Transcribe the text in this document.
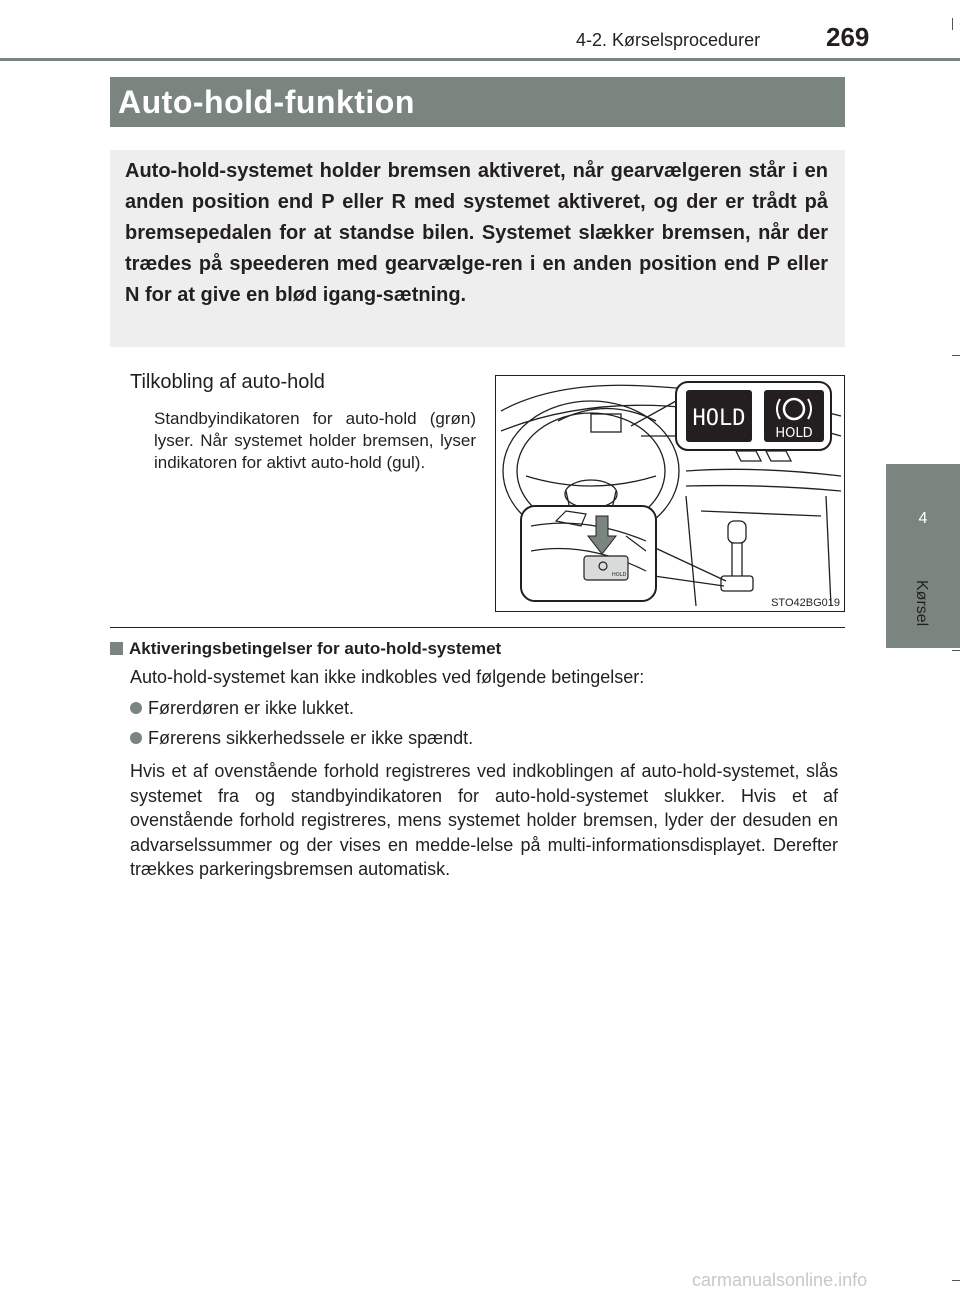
4-2. Kørselsprocedurer	269
4
Kørsel
Auto-hold-funktion

Auto-hold-systemet holder bremsen aktiveret, når gearvælgeren står i en anden position end P eller R med systemet aktiveret, og der er trådt på bremsepedalen for at standse bilen. Systemet slækker bremsen, når der trædes på speederen med gearvælge-ren i en anden position end P eller N for at give en blød igang-sætning.

Tilkobling af auto-hold
Standbyindikatoren for auto-hold (grøn) lyser. Når systemet holder bremsen, lyser indikatoren for aktivt auto-hold (gul).
HOLD
HOLD
HOLD
STO42BG019
Aktiveringsbetingelser for auto-hold-systemet
Auto-hold-systemet kan ikke indkobles ved følgende betingelser:
Førerdøren er ikke lukket.
Førerens sikkerhedssele er ikke spændt.
Hvis et af ovenstående forhold registreres ved indkoblingen af auto-hold-systemet, slås systemet fra og standbyindikatoren for auto-hold-systemet slukker. Hvis et af ovenstående forhold registreres, mens systemet holder bremsen, lyder der desuden en advarselssummer og der vises en medde-lelse på multi-informationsdisplayet. Derefter trækkes parkeringsbremsen automatisk.
carmanualsonline.info
